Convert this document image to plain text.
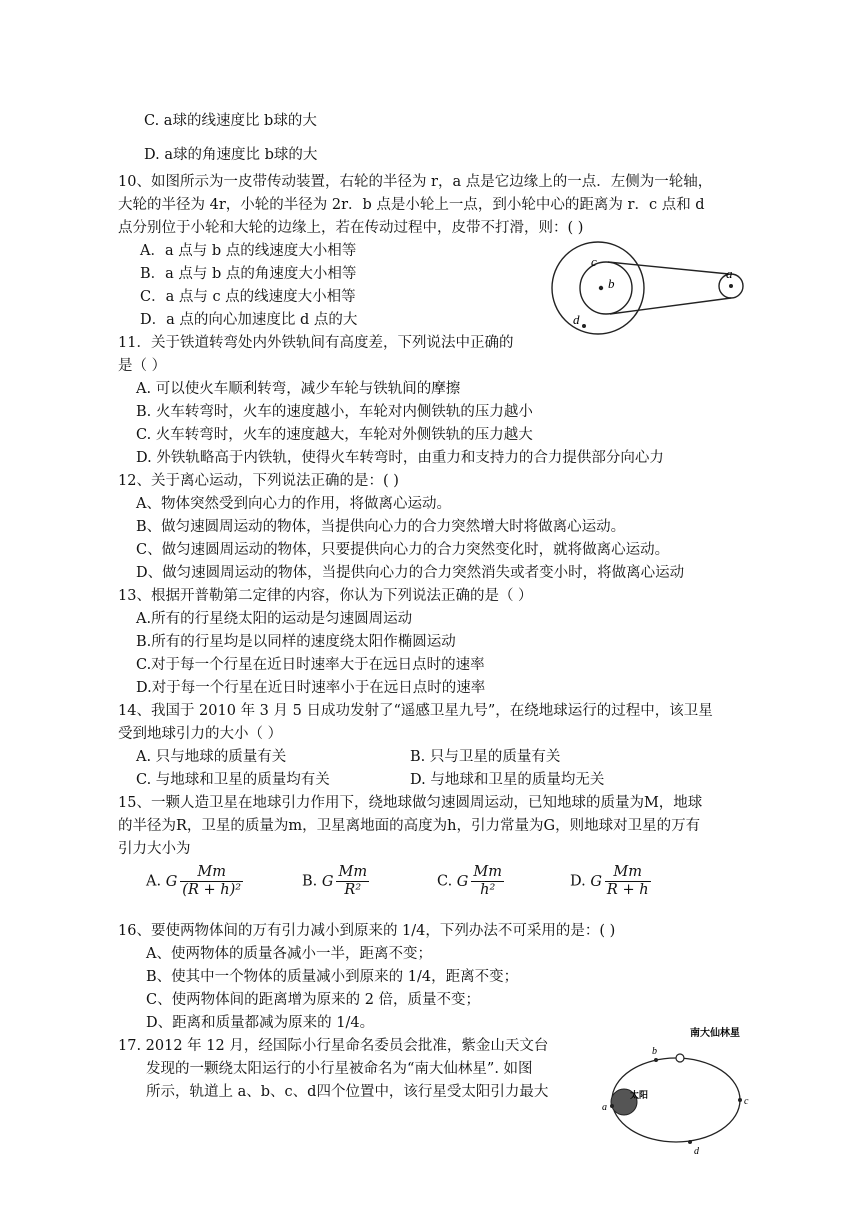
C. a球的线速度比 b球的大
D. a球的角速度比 b球的大
10、如图所示为一皮带传动装置，右轮的半径为 r，a 点是它边缘上的一点．左侧为一轮轴，
大轮的半径为 4r，小轮的半径为 2r．b 点是小轮上一点，到小轮中心的距离为 r．c 点和 d
点分别位于小轮和大轮的边缘上，若在传动过程中，皮带不打滑，则：( )
A．a 点与 b 点的线速度大小相等
B．a 点与 b 点的角速度大小相等
C．a 点与 c 点的线速度大小相等
D．a 点的向心加速度比 d 点的大
11．关于铁道转弯处内外铁轨间有高度差，下列说法中正确的
是（ ）
A. 可以使火车顺利转弯，减少车轮与铁轨间的摩擦
B. 火车转弯时，火车的速度越小，车轮对内侧铁轨的压力越小
C. 火车转弯时，火车的速度越大，车轮对外侧铁轨的压力越大
D. 外铁轨略高于内铁轨，使得火车转弯时，由重力和支持力的合力提供部分向心力
12、关于离心运动，下列说法正确的是：( )
A、物体突然受到向心力的作用，将做离心运动。
B、做匀速圆周运动的物体，当提供向心力的合力突然增大时将做离心运动。
C、做匀速圆周运动的物体，只要提供向心力的合力突然变化时，就将做离心运动。
D、做匀速圆周运动的物体，当提供向心力的合力突然消失或者变小时，将做离心运动
13、根据开普勒第二定律的内容，你认为下列说法正确的是（ ）
A.所有的行星绕太阳的运动是匀速圆周运动
B.所有的行星均是以同样的速度绕太阳作椭圆运动
C.对于每一个行星在近日时速率大于在远日点时的速率
D.对于每一个行星在近日时速率小于在远日点时的速率
14、我国于 2010 年 3 月 5 日成功发射了“遥感卫星九号”，在绕地球运行的过程中，该卫星
受到地球引力的大小（ ）
A. 只与地球的质量有关	B. 只与卫星的质量有关
C. 与地球和卫星的质量均有关	D. 与地球和卫星的质量均无关
15、一颗人造卫星在地球引力作用下，绕地球做匀速圆周运动，已知地球的质量为M，地球
的半径为R，卫星的质量为m，卫星离地面的高度为h，引力常量为G，则地球对卫星的万有
引力大小为
A. G $\frac{Mm}{\text{(R + h)²}}$	B. G $\frac{Mm}{\text{R²}}$	C. G $\frac{Mm}{\text{h²}}$	D. G $\frac{Mm}{R + h}$
16、要使两物体间的万有引力减小到原来的 1/4，下列办法不可采用的是：( )
A、使两物体的质量各减小一半，距离不变；
B、使其中一个物体的质量减小到原来的 1/4，距离不变；
C、使两物体间的距离增为原来的 2 倍，质量不变；
D、距离和质量都减为原来的 1/4。
17. 2012 年 12 月，经国际小行星命名委员会批准，紫金山天文台
发现的一颗绕太阳运行的小行星被命名为“南大仙林星”. 如图
所示，轨道上 a、b、c、d四个位置中，该行星受太阳引力最大
c
b
a
d
南大仙林星
太阳
b
a
c
d
